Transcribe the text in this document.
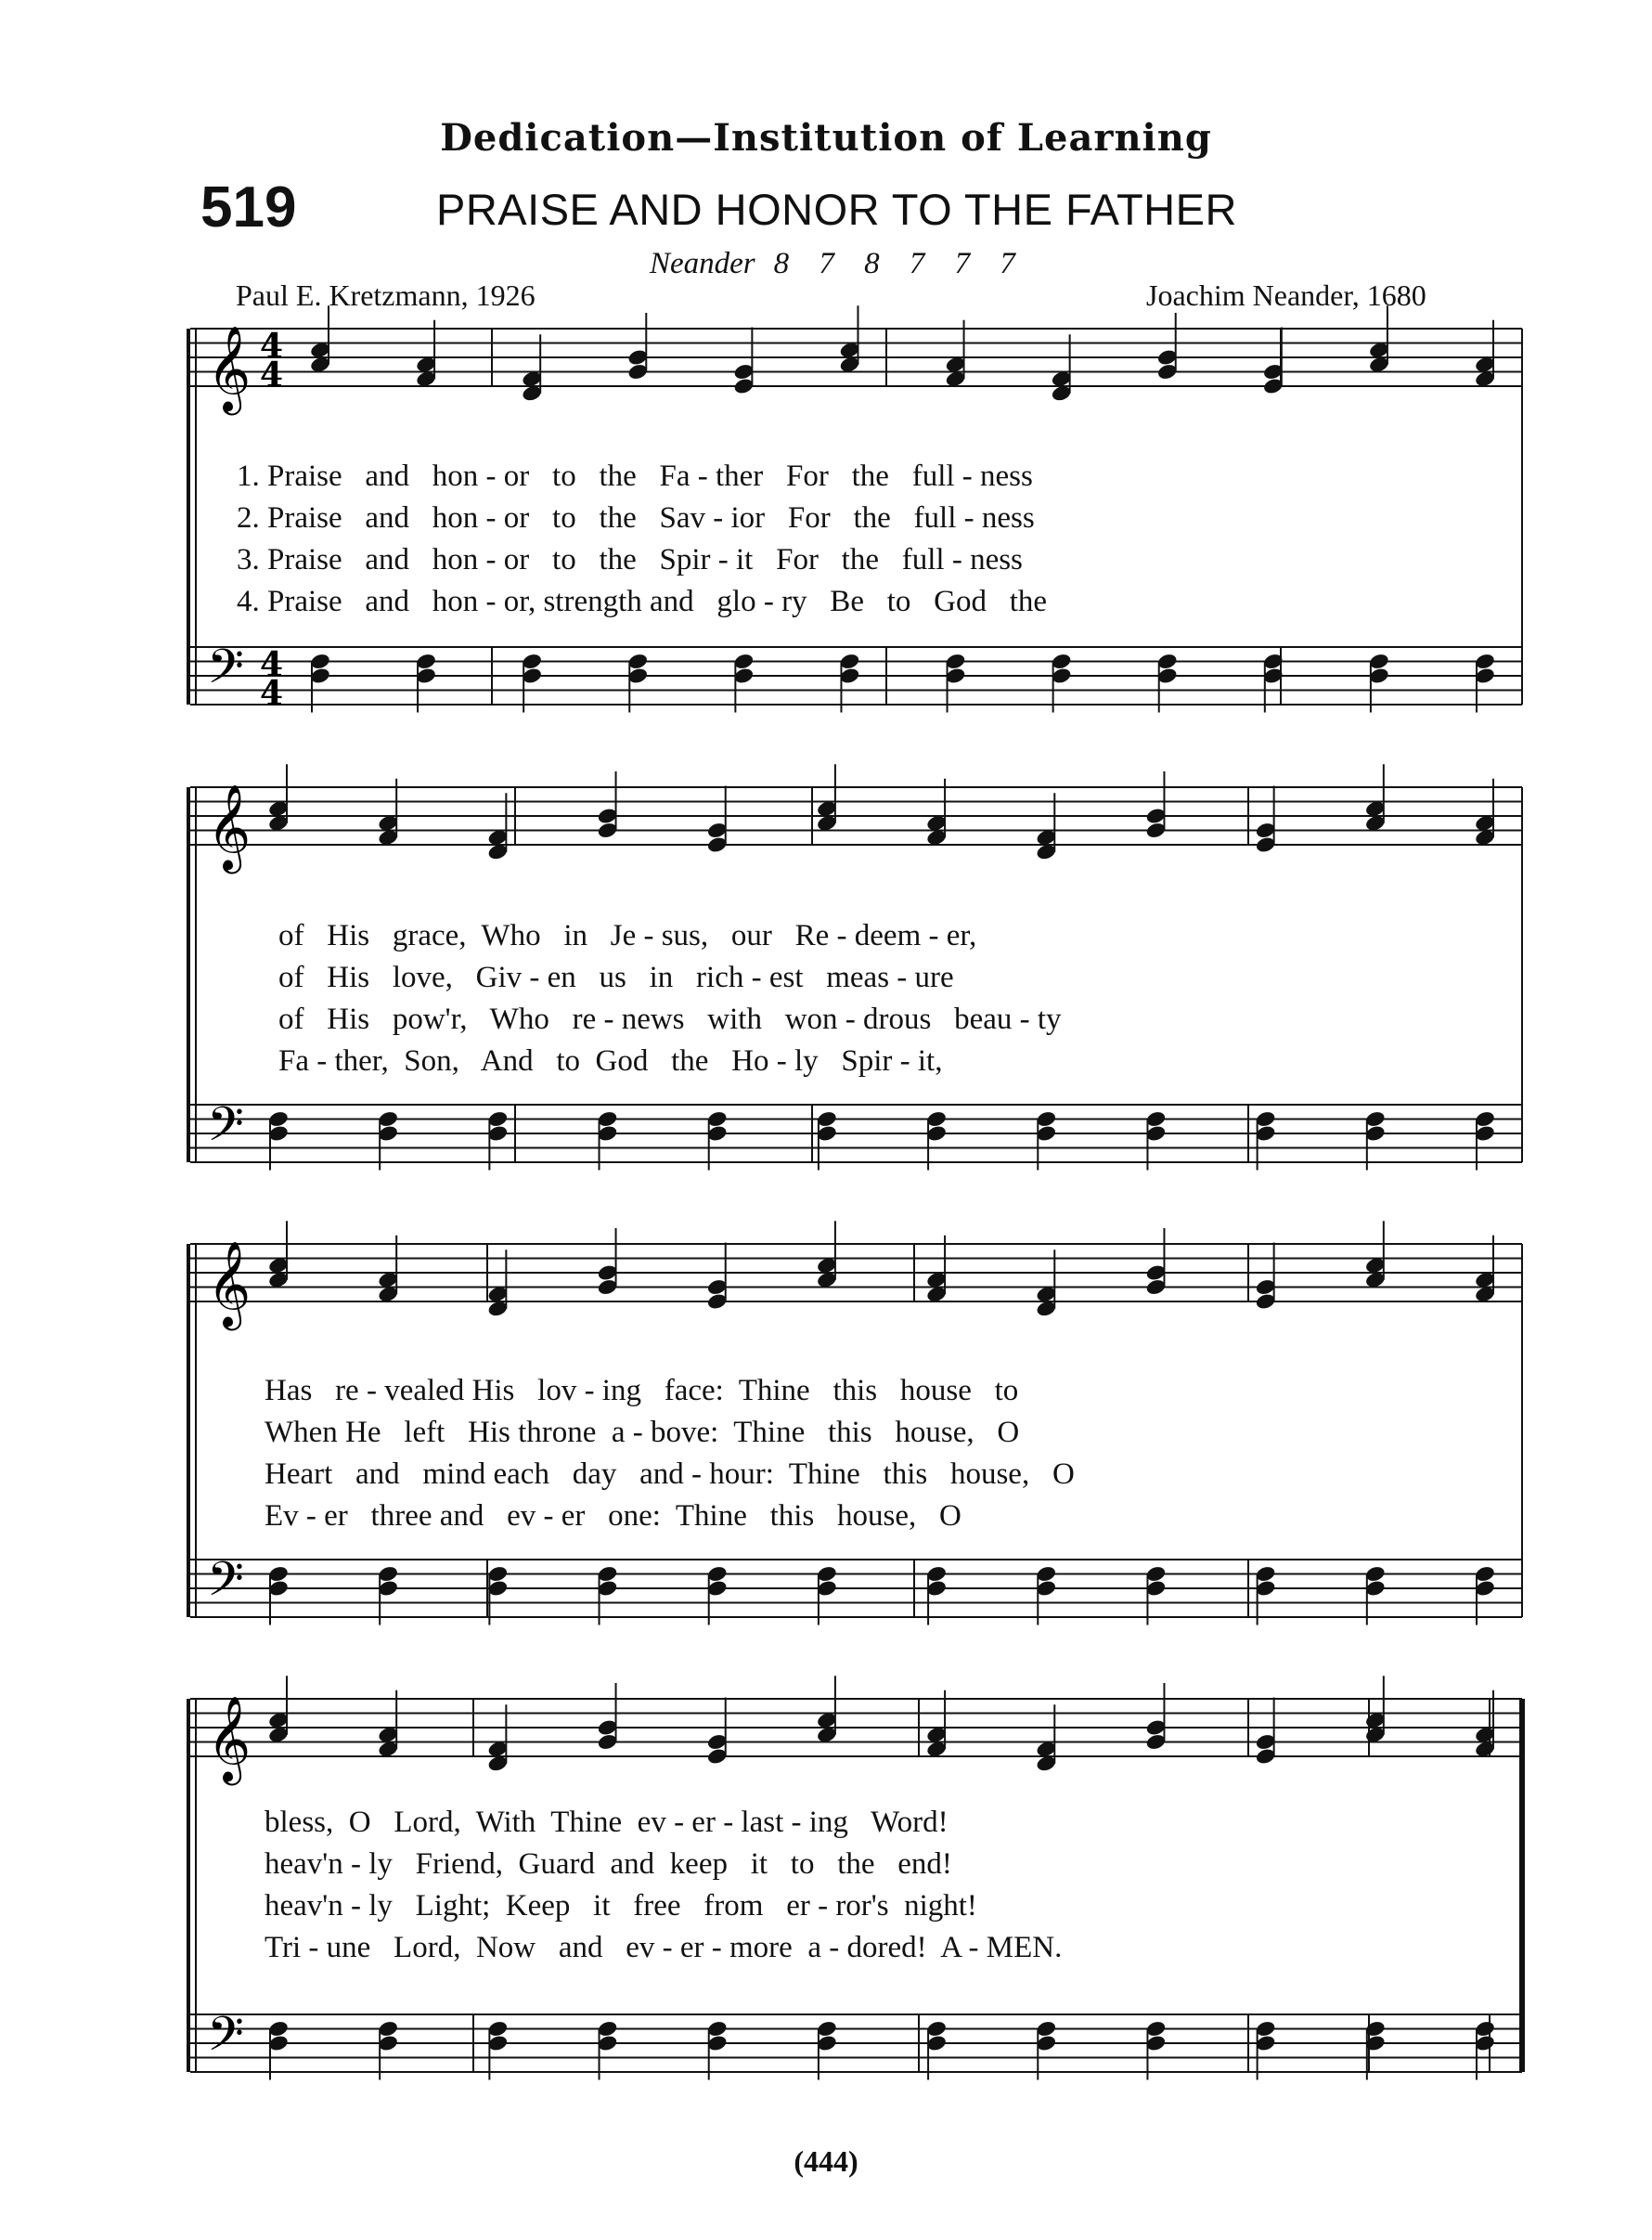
Dedication—Institution of Learning
519	PRAISE AND HONOR TO THE FATHER
Neander 8 7 8 7 7 7
Paul E. Kretzmann, 1926	Joachim Neander, 1680
𝄞
𝄢
4
4
4
4
𝄞
𝄢
𝄞
𝄢
𝄞
𝄢
1. Praise   and   hon - or   to   the   Fa - ther   For   the   full - ness
2. Praise   and   hon - or   to   the   Sav - ior   For   the   full - ness
3. Praise   and   hon - or   to   the   Spir - it   For   the   full - ness
4. Praise   and   hon - or, strength and   glo - ry   Be   to   God   the
of   His   grace,  Who   in   Je - sus,   our   Re - deem - er,
of   His   love,   Giv - en   us   in   rich - est   meas - ure
of   His   pow'r,   Who   re - news   with   won - drous   beau - ty
Fa - ther,  Son,   And   to  God   the   Ho - ly   Spir - it,
Has   re - vealed His   lov - ing   face:  Thine   this   house   to
When He   left   His throne  a - bove:  Thine   this   house,   O
Heart   and   mind each   day   and - hour:  Thine   this   house,   O
Ev - er   three and   ev - er   one:  Thine   this   house,   O
bless,  O   Lord,  With  Thine  ev - er - last - ing   Word!
heav'n - ly   Friend,  Guard  and  keep   it   to   the   end!
heav'n - ly   Light;  Keep   it   free   from   er - ror's  night!
Tri - une   Lord,  Now   and   ev - er - more  a - dored!  A - MEN.
(444)
